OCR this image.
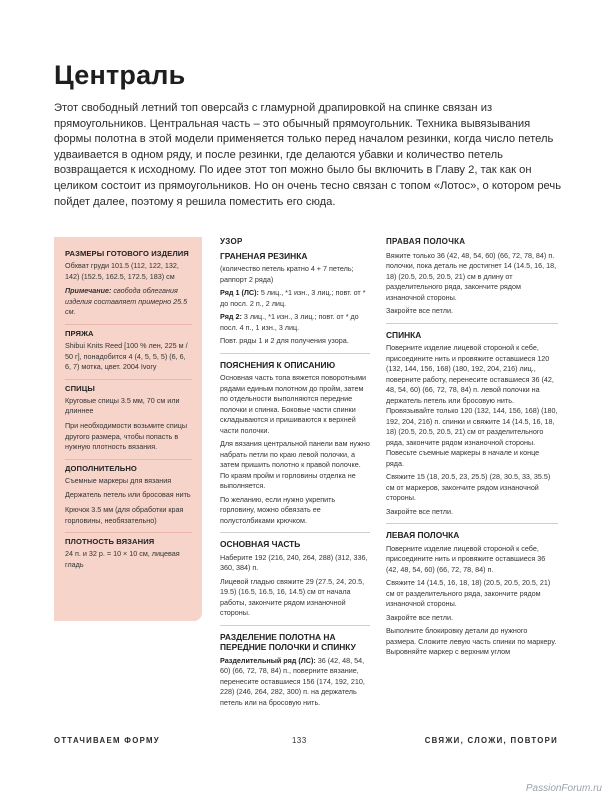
Централь

Этот свободный летний топ оверсайз с гламурной драпировкой на спинке связан из прямоугольников. Центральная часть – это обычный прямоугольник. Техника вывязывания формы полотна в этой модели применяется только перед началом резинки, когда число петель удваивается в одном ряду, и после резинки, где делаются убавки и количество петель возвращается к исходному. По идее этот топ можно было бы включить в Главу 2, так как он целиком состоит из прямоугольников. Но он очень тесно связан с топом «Лотос», о котором речь пойдет далее, поэтому я решила поместить его сюда.

РАЗМЕРЫ ГОТОВОГО ИЗДЕЛИЯ
Обхват груди 101.5 (112, 122, 132, 142) (152.5, 162.5, 172.5, 183) см
Примечание: свобода облегания изделия составляет примерно 25.5 см.
ПРЯЖА
Shibui Knits Reed [100 % лен, 225 м / 50 г], понадобится 4 (4, 5, 5, 5) (6, 6, 6, 7) мотка, цвет. 2004 Ivory
СПИЦЫ
Круговые спицы 3.5 мм, 70 см или длиннее
При необходимости возьмите спицы другого размера, чтобы попасть в нужную плотность вязания.
ДОПОЛНИТЕЛЬНО
Съемные маркеры для вязания
Держатель петель или бросовая нить
Крючок 3.5 мм (для обработки края горловины, необязательно)
ПЛОТНОСТЬ ВЯЗАНИЯ
24 п. и 32 р. = 10 × 10 см, лицевая гладь
УЗОР
ГРАНЕНАЯ РЕЗИНКА
(количество петель кратно 4 + 7 петель; раппорт 2 ряда)
Ряд 1 (ЛС): 5 лиц., *1 изн., 3 лиц.; повт. от * до посл. 2 п., 2 лиц.
Ряд 2: 3 лиц., *1 изн., 3 лиц.; повт. от * до посл. 4 п., 1 изн., 3 лиц.
Повт. ряды 1 и 2 для получения узора.
ПОЯСНЕНИЯ К ОПИСАНИЮ
Основная часть топа вяжется поворотными рядами единым полотном до пройм, затем по отдельности выполняются передние полочки и спинка. Боковые части спинки складываются и пришиваются к верхней части полочки.
Для вязания центральной панели вам нужно набрать петли по краю левой полочки, а затем пришить полотно к правой полочке. По краям пройм и горловины отделка не выполняется.
По желанию, если нужно укрепить горловину, можно обвязать ее полустолбиками крючком.
ОСНОВНАЯ ЧАСТЬ
Наберите 192 (216, 240, 264, 288) (312, 336, 360, 384) п.
Лицевой гладью свяжите 29 (27.5, 24, 20.5, 19.5) (16.5, 16.5, 16, 14.5) см от начала работы, закончите рядом изнаночной стороны.
РАЗДЕЛЕНИЕ ПОЛОТНА НА ПЕРЕДНИЕ ПОЛОЧКИ И СПИНКУ
Разделительный ряд (ЛС): 36 (42, 48, 54, 60) (66, 72, 78, 84) п., поверните вязание, перенесите оставшиеся 156 (174, 192, 210, 228) (246, 264, 282, 300) п. на держатель петель или на бросовую нить.
ПРАВАЯ ПОЛОЧКА
Вяжите только 36 (42, 48, 54, 60) (66, 72, 78, 84) п. полочки, пока деталь не достигнет 14 (14.5, 16, 18, 18) (20.5, 20.5, 20.5, 21) см в длину от разделительного ряда, закончите рядом изнаночной стороны.
Закройте все петли.
СПИНКА
Поверните изделие лицевой стороной к себе, присоедините нить и провяжите оставшиеся 120 (132, 144, 156, 168) (180, 192, 204, 216) лиц., поверните работу, перенесите оставшиеся 36 (42, 48, 54, 60) (66, 72, 78, 84) п. левой полочки на держатель петель или бросовую нить. Провязывайте только 120 (132, 144, 156, 168) (180, 192, 204, 216) п. спинки и свяжите 14 (14.5, 16, 18, 18) (20.5, 20.5, 20.5, 21) см от разделительного ряда, закончите рядом изнаночной стороны. Повесьте съемные маркеры в начале и конце ряда.
Свяжите 15 (18, 20.5, 23, 25.5) (28, 30.5, 33, 35.5) см от маркеров, закончите рядом изнаночной стороны.
Закройте все петли.
ЛЕВАЯ ПОЛОЧКА
Поверните изделие лицевой стороной к себе, присоедините нить и провяжите оставшиеся 36 (42, 48, 54, 60) (66, 72, 78, 84) п.
Свяжите 14 (14.5, 16, 18, 18) (20.5, 20.5, 20.5, 21) см от разделительного ряда, закончите рядом изнаночной стороны.
Закройте все петли.
Выполните блокировку детали до нужного размера. Сложите левую часть спинки по маркеру. Выровняйте маркер с верхним углом
ОТТАЧИВАЕМ ФОРМУ	133	СВЯЖИ, СЛОЖИ, ПОВТОРИ
PassionForum.ru
